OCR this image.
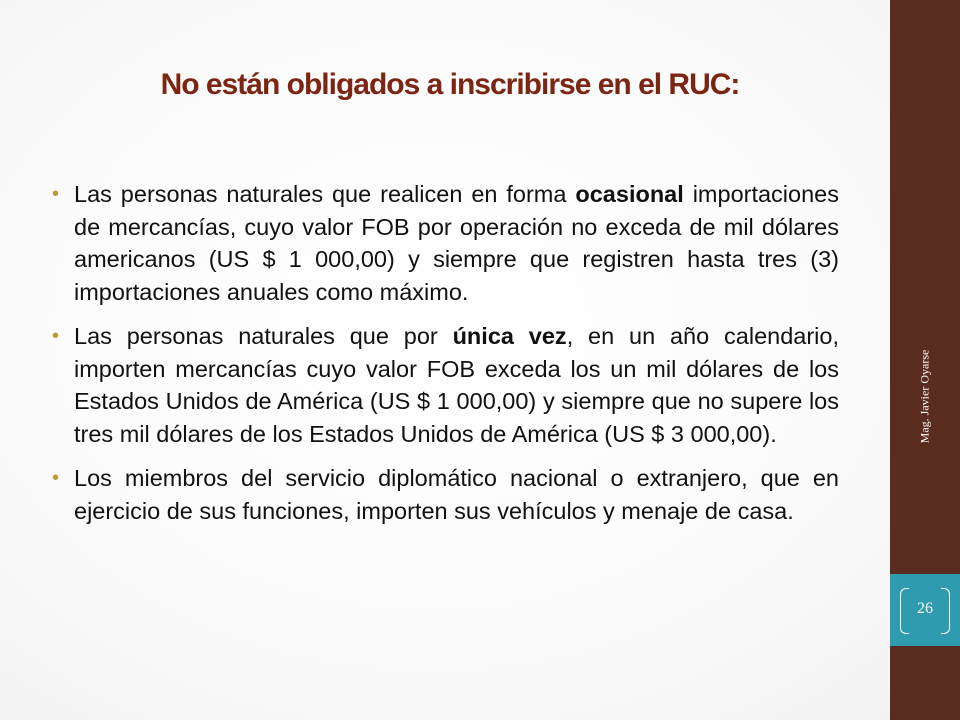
No están obligados a inscribirse en el RUC:
• Las personas naturales que realicen en forma ocasional importaciones de mercancías, cuyo valor FOB por operación no exceda de mil dólares americanos (US $ 1 000,00) y siempre que registren hasta tres (3) importaciones anuales como máximo.
• Las personas naturales que por única vez, en un año calendario, importen mercancías cuyo valor FOB exceda los un mil dólares de los Estados Unidos de América (US $ 1 000,00) y siempre que no supere los tres mil dólares de los Estados Unidos de América (US $ 3 000,00).
• Los miembros del servicio diplomático nacional o extranjero, que en ejercicio de sus funciones, importen sus vehículos y menaje de casa.
Mag. Javier Oyarse
26
